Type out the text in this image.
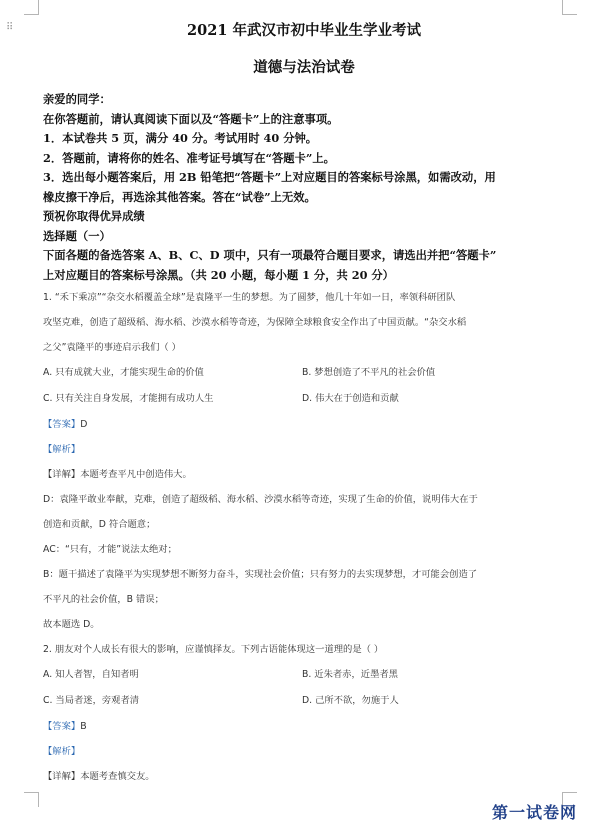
⠿	2021 年武汉市初中毕业生学业考试
道德与法治试卷
亲爱的同学：
在你答题前，请认真阅读下面以及“答题卡”上的注意事项。
1．本试卷共 5 页，满分 40 分。考试用时 40 分钟。
2．答题前，请将你的姓名、准考证号填写在“答题卡”上。
3．选出每小题答案后，用 2B 铅笔把“答题卡”上对应题目的答案标号涂黑，如需改动，用
橡皮擦干净后，再选涂其他答案。答在“试卷”上无效。
预祝你取得优异成绩
选择题（一）
下面各题的备选答案 A、B、C、D 项中，只有一项最符合题目要求，请选出并把“答题卡”
上对应题目的答案标号涂黑。（共 20 小题，每小题 1 分，共 20 分）
1. “禾下乘凉”“杂交水稻覆盖全球”是袁隆平一生的梦想。为了圆梦，他几十年如一日，率领科研团队
攻坚克难，创造了超级稻、海水稻、沙漠水稻等奇迹，为保障全球粮食安全作出了中国贡献。“杂交水稻
之父”袁隆平的事迹启示我们（ ）
A. 只有成就大业，才能实现生命的价值	B. 梦想创造了不平凡的社会价值
C. 只有关注自身发展，才能拥有成功人生	D. 伟大在于创造和贡献
【答案】D
【解析】
【详解】本题考查平凡中创造伟大。
D：袁隆平敢业奉献，克难，创造了超级稻、海水稻、沙漠水稻等奇迹，实现了生命的价值，说明伟大在于
创造和贡献，D 符合题意；
AC：“只有，才能”说法太绝对；
B：题干描述了袁隆平为实现梦想不断努力奋斗，实现社会价值；只有努力的去实现梦想，才可能会创造了
不平凡的社会价值，B 错误；
故本题选 D。
2. 朋友对个人成长有很大的影响，应谨慎择友。下列古语能体现这一道理的是（ ）
A. 知人者智，自知者明	B. 近朱者赤，近墨者黑
C. 当局者迷，旁观者清	D. 己所不欲，勿施于人
【答案】B
【解析】
【详解】本题考查慎交友。
第一试卷网
